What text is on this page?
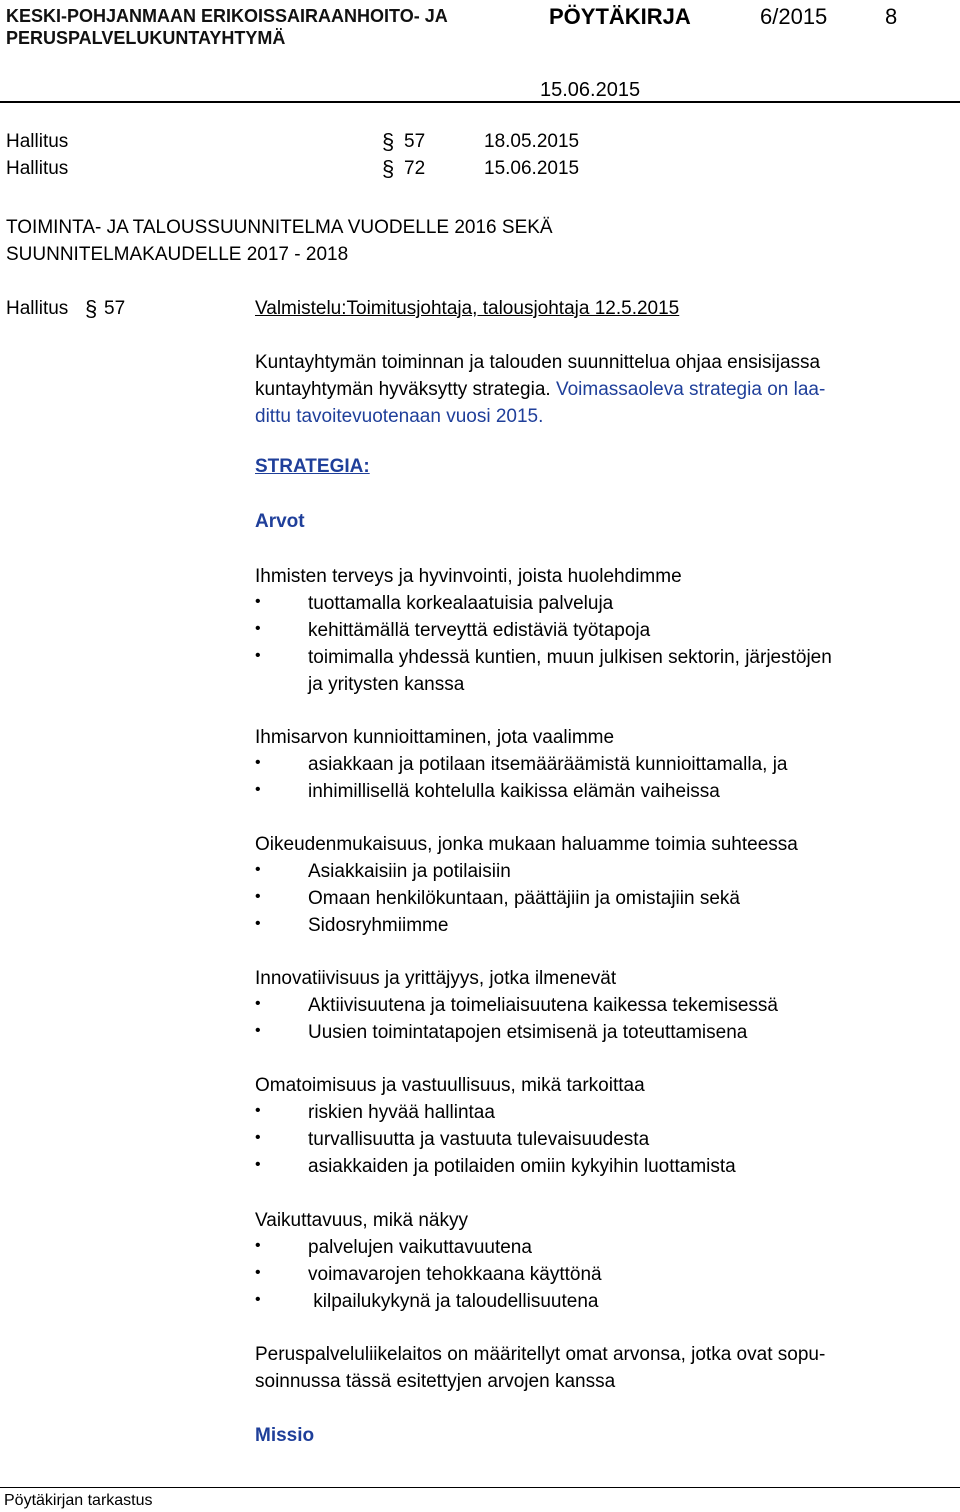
KESKI-POHJANMAAN ERIKOISSAIRAANHOITO- JA
PERUSPALVELUKUNTAYHTYMÄ
PÖYTÄKIRJA	6/2015	8
15.06.2015
Hallitus	§ 57	18.05.2015
Hallitus	§ 72	15.06.2015
TOIMINTA- JA TALOUSSUUNNITELMA VUODELLE 2016 SEKÄ
SUUNNITELMAKAUDELLE 2017 - 2018
Hallitus § 57	Valmistelu:Toimitusjohtaja, talousjohtaja 12.5.2015
Kuntayhtymän toiminnan ja talouden suunnittelua ohjaa ensisijassa
kuntayhtymän hyväksytty strategia. Voimassaoleva strategia on laa-
dittu tavoitevuotenaan vuosi 2015.
STRATEGIA:
Arvot
Ihmisten terveys ja hyvinvointi, joista huolehdimme
• tuottamalla korkealaatuisia palveluja
• kehittämällä terveyttä edistäviä työtapoja
• toimimalla yhdessä kuntien, muun julkisen sektorin, järjestöjen
ja yritysten kanssa
Ihmisarvon kunnioittaminen, jota vaalimme
• asiakkaan ja potilaan itsemääräämistä kunnioittamalla, ja
• inhimillisellä kohtelulla kaikissa elämän vaiheissa
Oikeudenmukaisuus, jonka mukaan haluamme toimia suhteessa
• Asiakkaisiin ja potilaisiin
• Omaan henkilökuntaan, päättäjiin ja omistajiin sekä
• Sidosryhmiimme
Innovatiivisuus ja yrittäjyys, jotka ilmenevät
• Aktiivisuutena ja toimeliaisuutena kaikessa tekemisessä
• Uusien toimintatapojen etsimisenä ja toteuttamisena
Omatoimisuus ja vastuullisuus, mikä tarkoittaa
• riskien hyvää hallintaa
• turvallisuutta ja vastuuta tulevaisuudesta
• asiakkaiden ja potilaiden omiin kykyihin luottamista
Vaikuttavuus, mikä näkyy
• palvelujen vaikuttavuutena
• voimavarojen tehokkaana käyttönä
• kilpailukykynä ja taloudellisuutena
Peruspalveluliikelaitos on määritellyt omat arvonsa, jotka ovat sopu-
soinnussa tässä esitettyjen arvojen kanssa
Missio
Pöytäkirjan tarkastus
